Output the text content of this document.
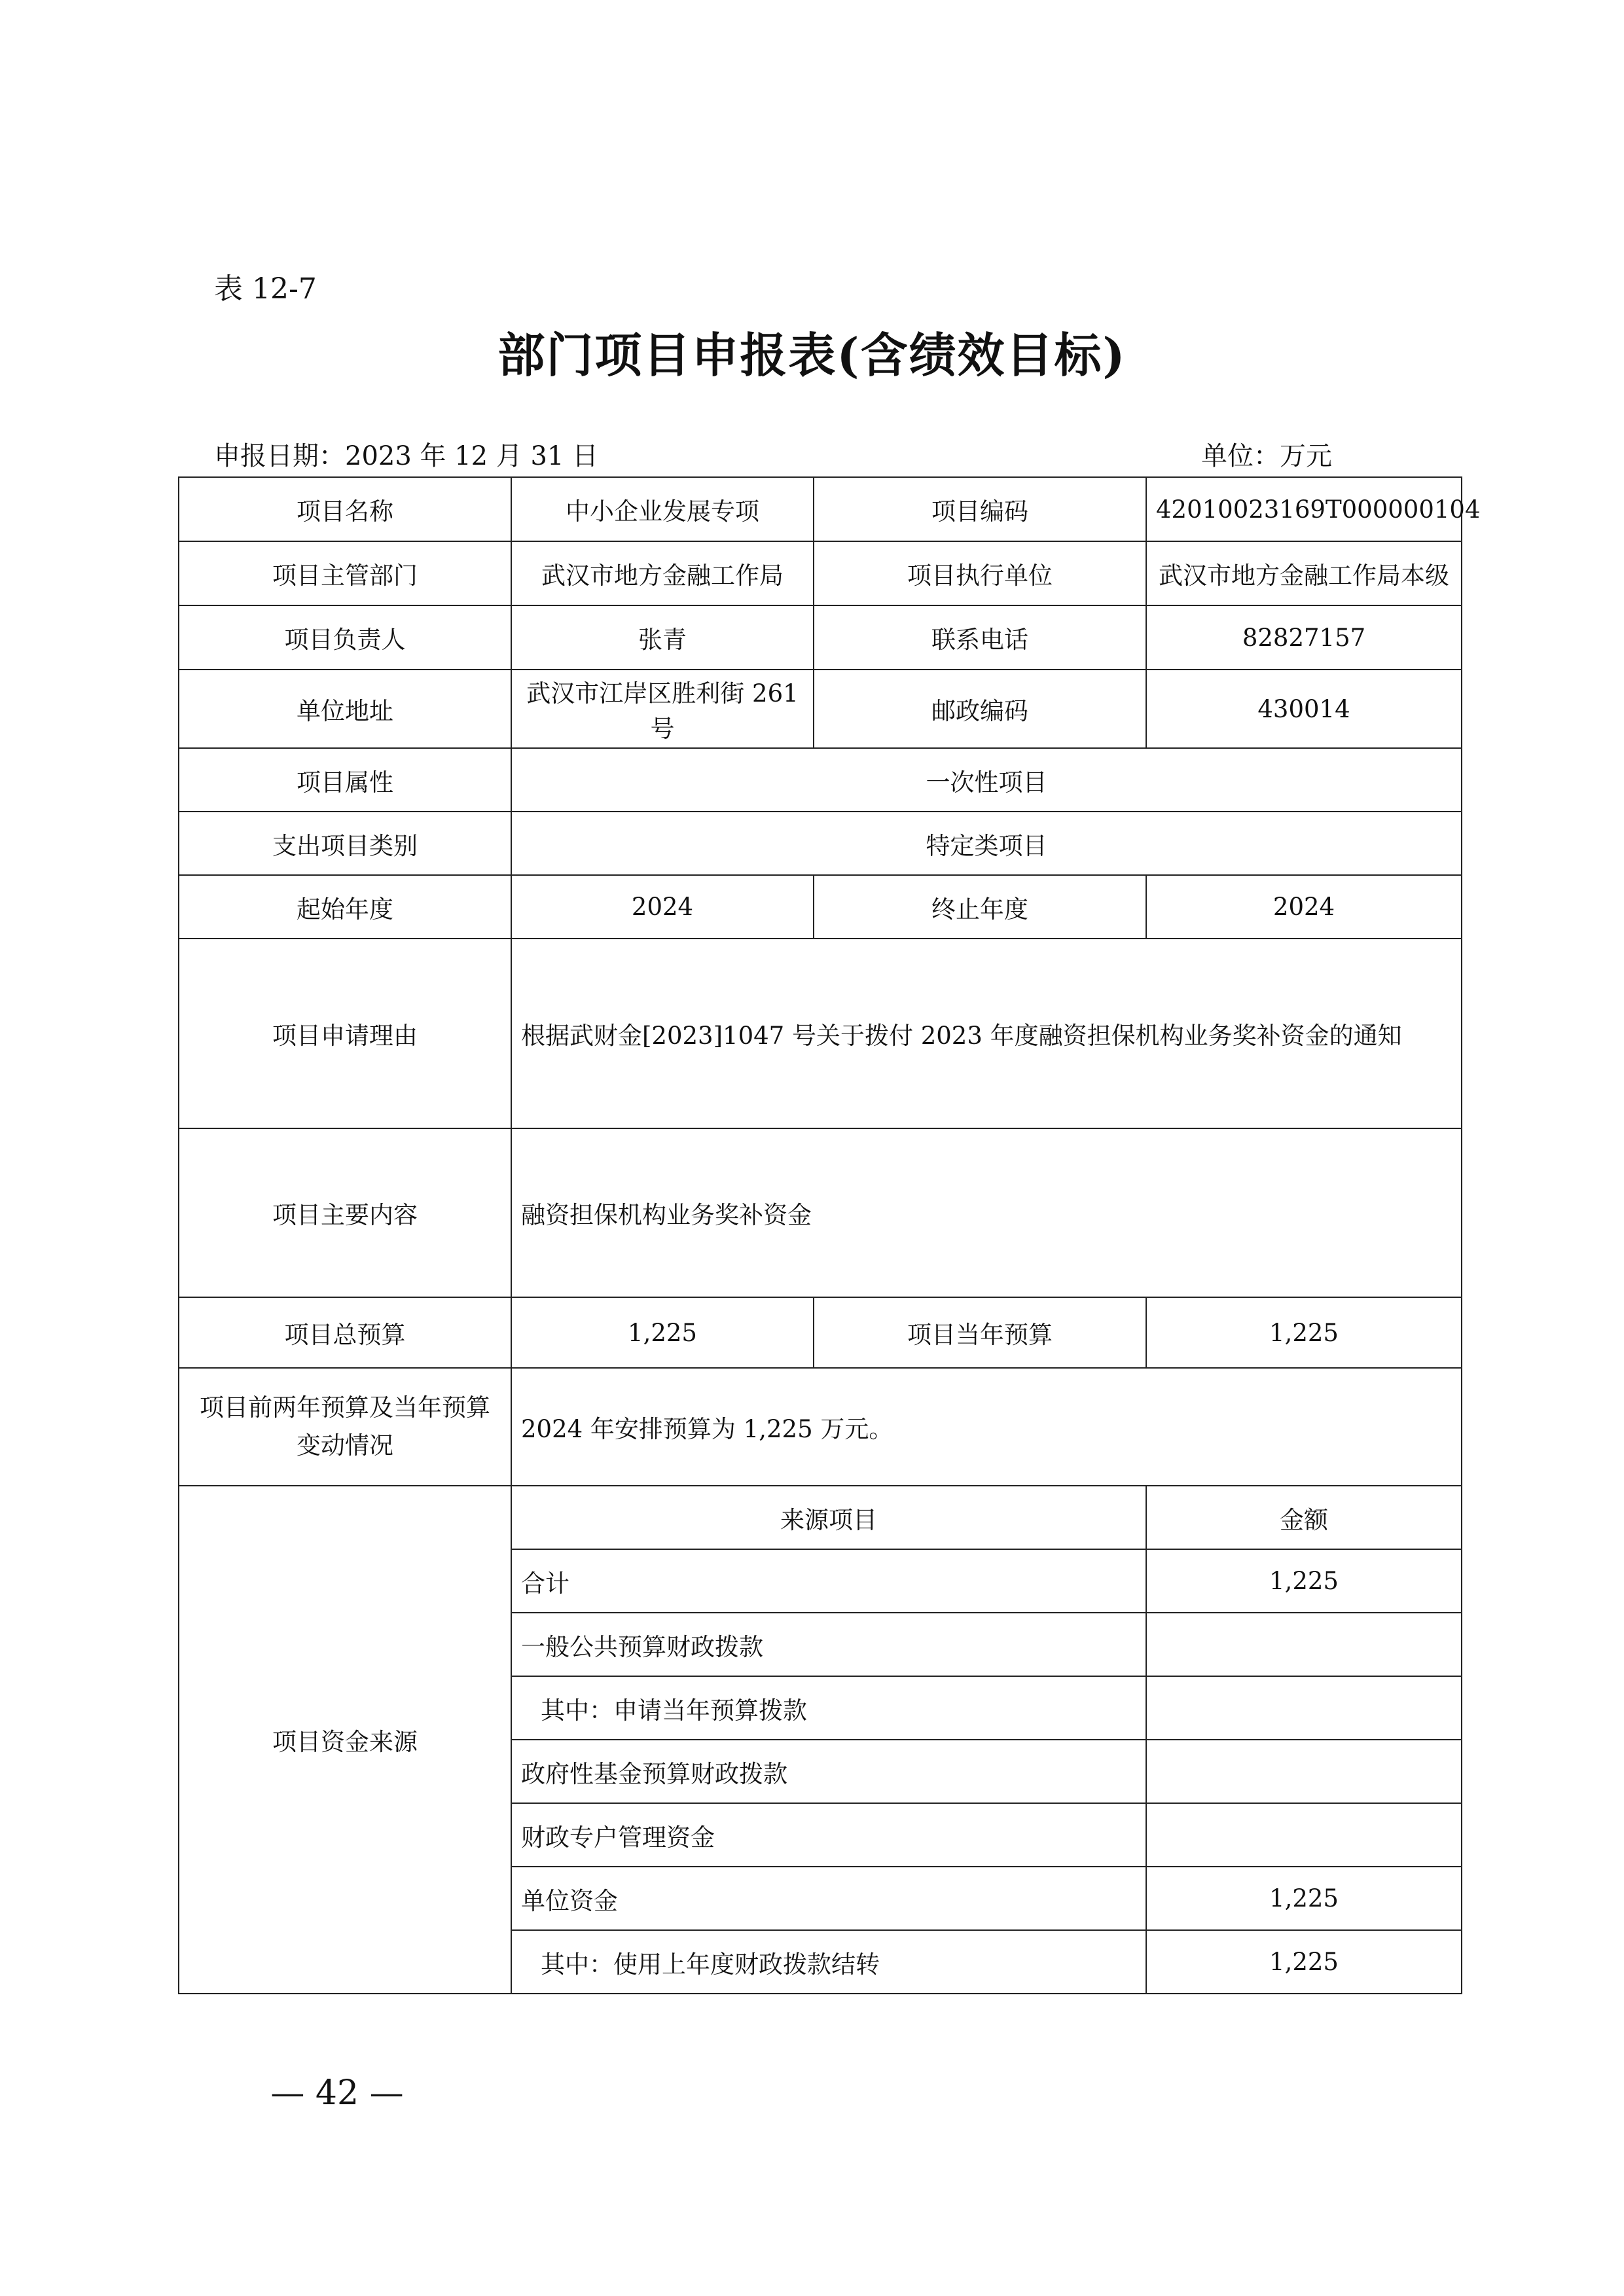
表 12-7
部门项目申报表(含绩效目标)
申报日期：2023 年 12 月 31 日	单位：万元
项目名称	中小企业发展专项	项目编码	42010023169T000000104
项目主管部门	武汉市地方金融工作局	项目执行单位	武汉市地方金融工作局本级
项目负责人	张青	联系电话	82827157
单位地址	武汉市江岸区胜利街 261 号	邮政编码	430014
项目属性	一次性项目		
支出项目类别	特定类项目		
起始年度	2024	终止年度	2024
项目申请理由	根据武财金[2023]1047 号关于拨付 2023 年度融资担保机构业务奖补资金的通知		
项目主要内容	融资担保机构业务奖补资金		
项目总预算	1,225	项目当年预算	1,225
项目前两年预算及当年预算变动情况	2024 年安排预算为 1,225 万元。		
项目资金来源	来源项目		金额
	合计		1,225
	一般公共预算财政拨款		
	其中：申请当年预算拨款		
	政府性基金预算财政拨款		
	财政专户管理资金		
	单位资金		1,225
	其中：使用上年度财政拨款结转		1,225
— 42 —
